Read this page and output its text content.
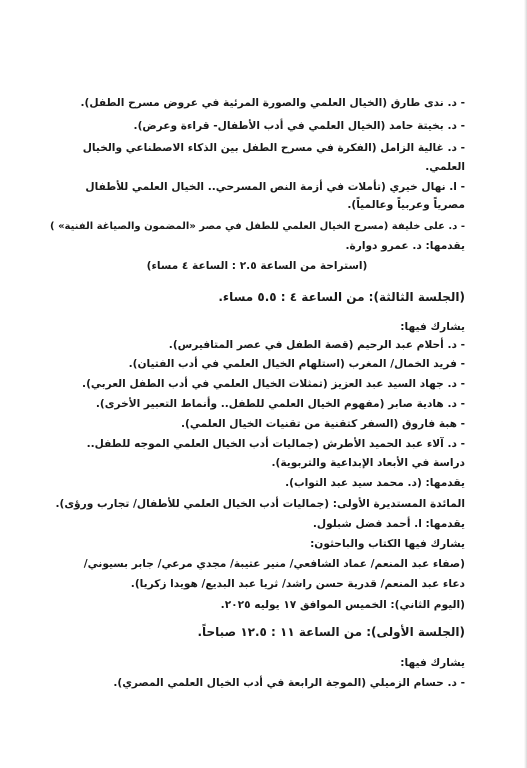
- د. ندى طارق (الخيال العلمي والصورة المرئية في عروض مسرح الطفل).
- د. بخيتة حامد (الخيال العلمي في أدب الأطفال- قراءة وعرض).
- د. غالية الزامل (الفكرة في مسرح الطفل بين الذكاء الاصطناعي والخيال
العلمي.
- ا. نهال خيري (تأملات في أزمة النص المسرحي.. الخيال العلمي للأطفال
مصرياً وعربياً وعالمياً).
- د. على خليفة (مسرح الخيال العلمي للطفل في مصر «المضمون والصياغة الفنية» )
يقدمها: د. عمرو دوارة.
(استراحة من الساعة ٢.٥ : الساعة ٤ مساء)
(الجلسة الثالثة): من الساعة ٤ : ٥.٥ مساء.
يشارك فيها:
- د. أحلام عبد الرحيم (قصة الطفل في عصر المتافيرس).
- فريد الخمال/ المغرب (استلهام الخيال العلمي في أدب الفتيان).
- د. جهاد السيد عبد العزيز (تمثلات الخيال العلمي في أدب الطفل العربي).
- د. هادية صابر (مفهوم الخيال العلمي للطفل.. وأنماط التعبير الأخرى).
- هبة فاروق (السفر كتقنية من تقنيات الخيال العلمي).
- د. آلاء عبد الحميد الأطرش (جماليات أدب الخيال العلمي الموجه للطفل..
دراسة في الأبعاد الإبداعية والتربوية).
يقدمها: (د. محمد سيد عبد التواب).
المائدة المستديرة الأولى: (جماليات أدب الخيال العلمي للأطفال/ تجارب ورؤى).
يقدمها: ا. أحمد فضل شبلول.
يشارك فيها الكتاب والباحثون:
(صفاء عبد المنعم/ عماد الشافعي/ منير عتيبة/ مجدي مرعي/ جابر بسيوني/
دعاء عبد المنعم/ قدرية حسن راشد/ ثريا عبد البديع/ هويدا زكريا).
(اليوم الثاني): الخميس الموافق ١٧ يوليه ٢٠٢٥.
(الجلسة الأولى): من الساعة ١١ : ١٢.٥ صباحاً.
يشارك فيها:
- د. حسام الزميلي (الموجة الرابعة في أدب الخيال العلمي المصري).
